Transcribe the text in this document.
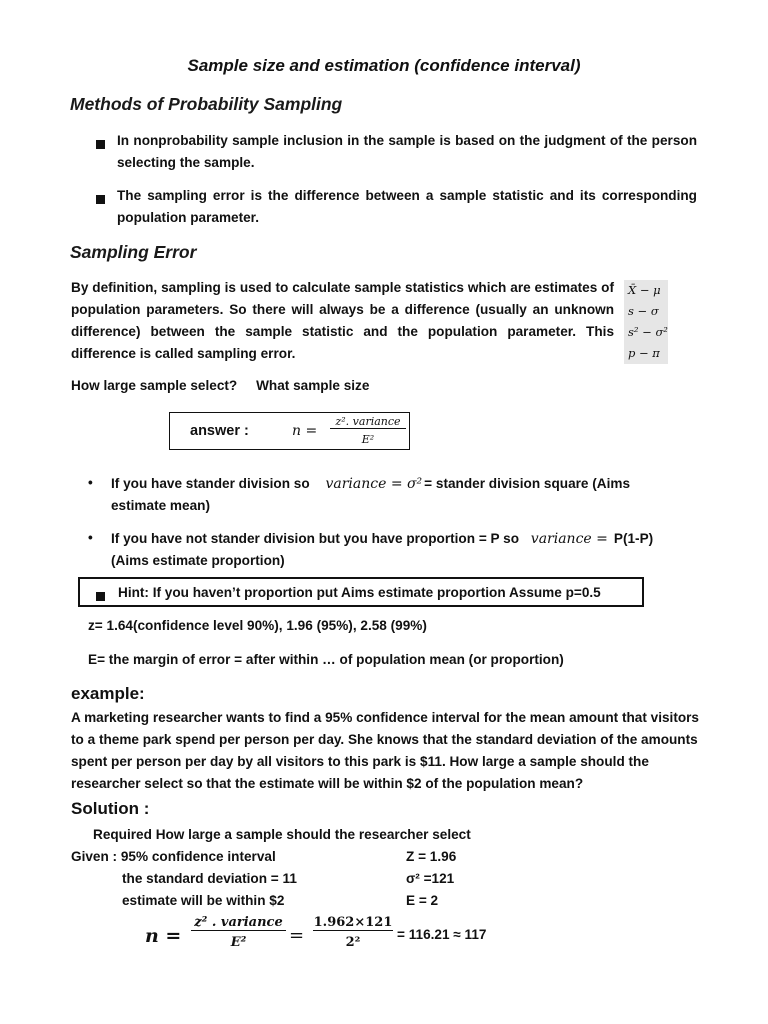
Sample size and estimation (confidence interval)
Methods of Probability Sampling
In nonprobability sample inclusion in the sample is based on the judgment of the person selecting the sample.
The sampling error is the difference between a sample statistic and its corresponding population parameter.
Sampling Error
By definition, sampling is used to calculate sample statistics which are estimates of population parameters. So there will always be a difference (usually an unknown difference) between the sample statistic and the population parameter. This difference is called sampling error.
X̄ − μ
s − σ
s² − σ²
p − π
How large sample select?     What sample size
answer :	n =
z². variance
E²
• If you have stander division so variance = σ² = stander division square (Aims
estimate mean)
• If you have not stander division but you have proportion = P so variance = P(1-P)
(Aims estimate proportion)
Hint: If you haven’t proportion put Aims estimate proportion Assume p=0.5
z= 1.64(confidence level 90%), 1.96 (95%), 2.58 (99%)
E= the margin of error = after within … of population mean (or proportion)
example:
A marketing researcher wants to find a 95% confidence interval for the mean amount that visitors to a theme park spend per person per day. She knows that the standard deviation of the amounts spent per person per day by all visitors to this park is $11. How large a sample should the researcher select so that the estimate will be within $2 of the population mean?
Solution :
Required How large a sample should the researcher select
Given : 95% confidence interval	Z = 1.96
the standard deviation = 11	σ² =121
estimate will be within $2	E = 2
n =
z² . variance
E²	=
1.962×121
2²
= 116.21 ≈ 117
